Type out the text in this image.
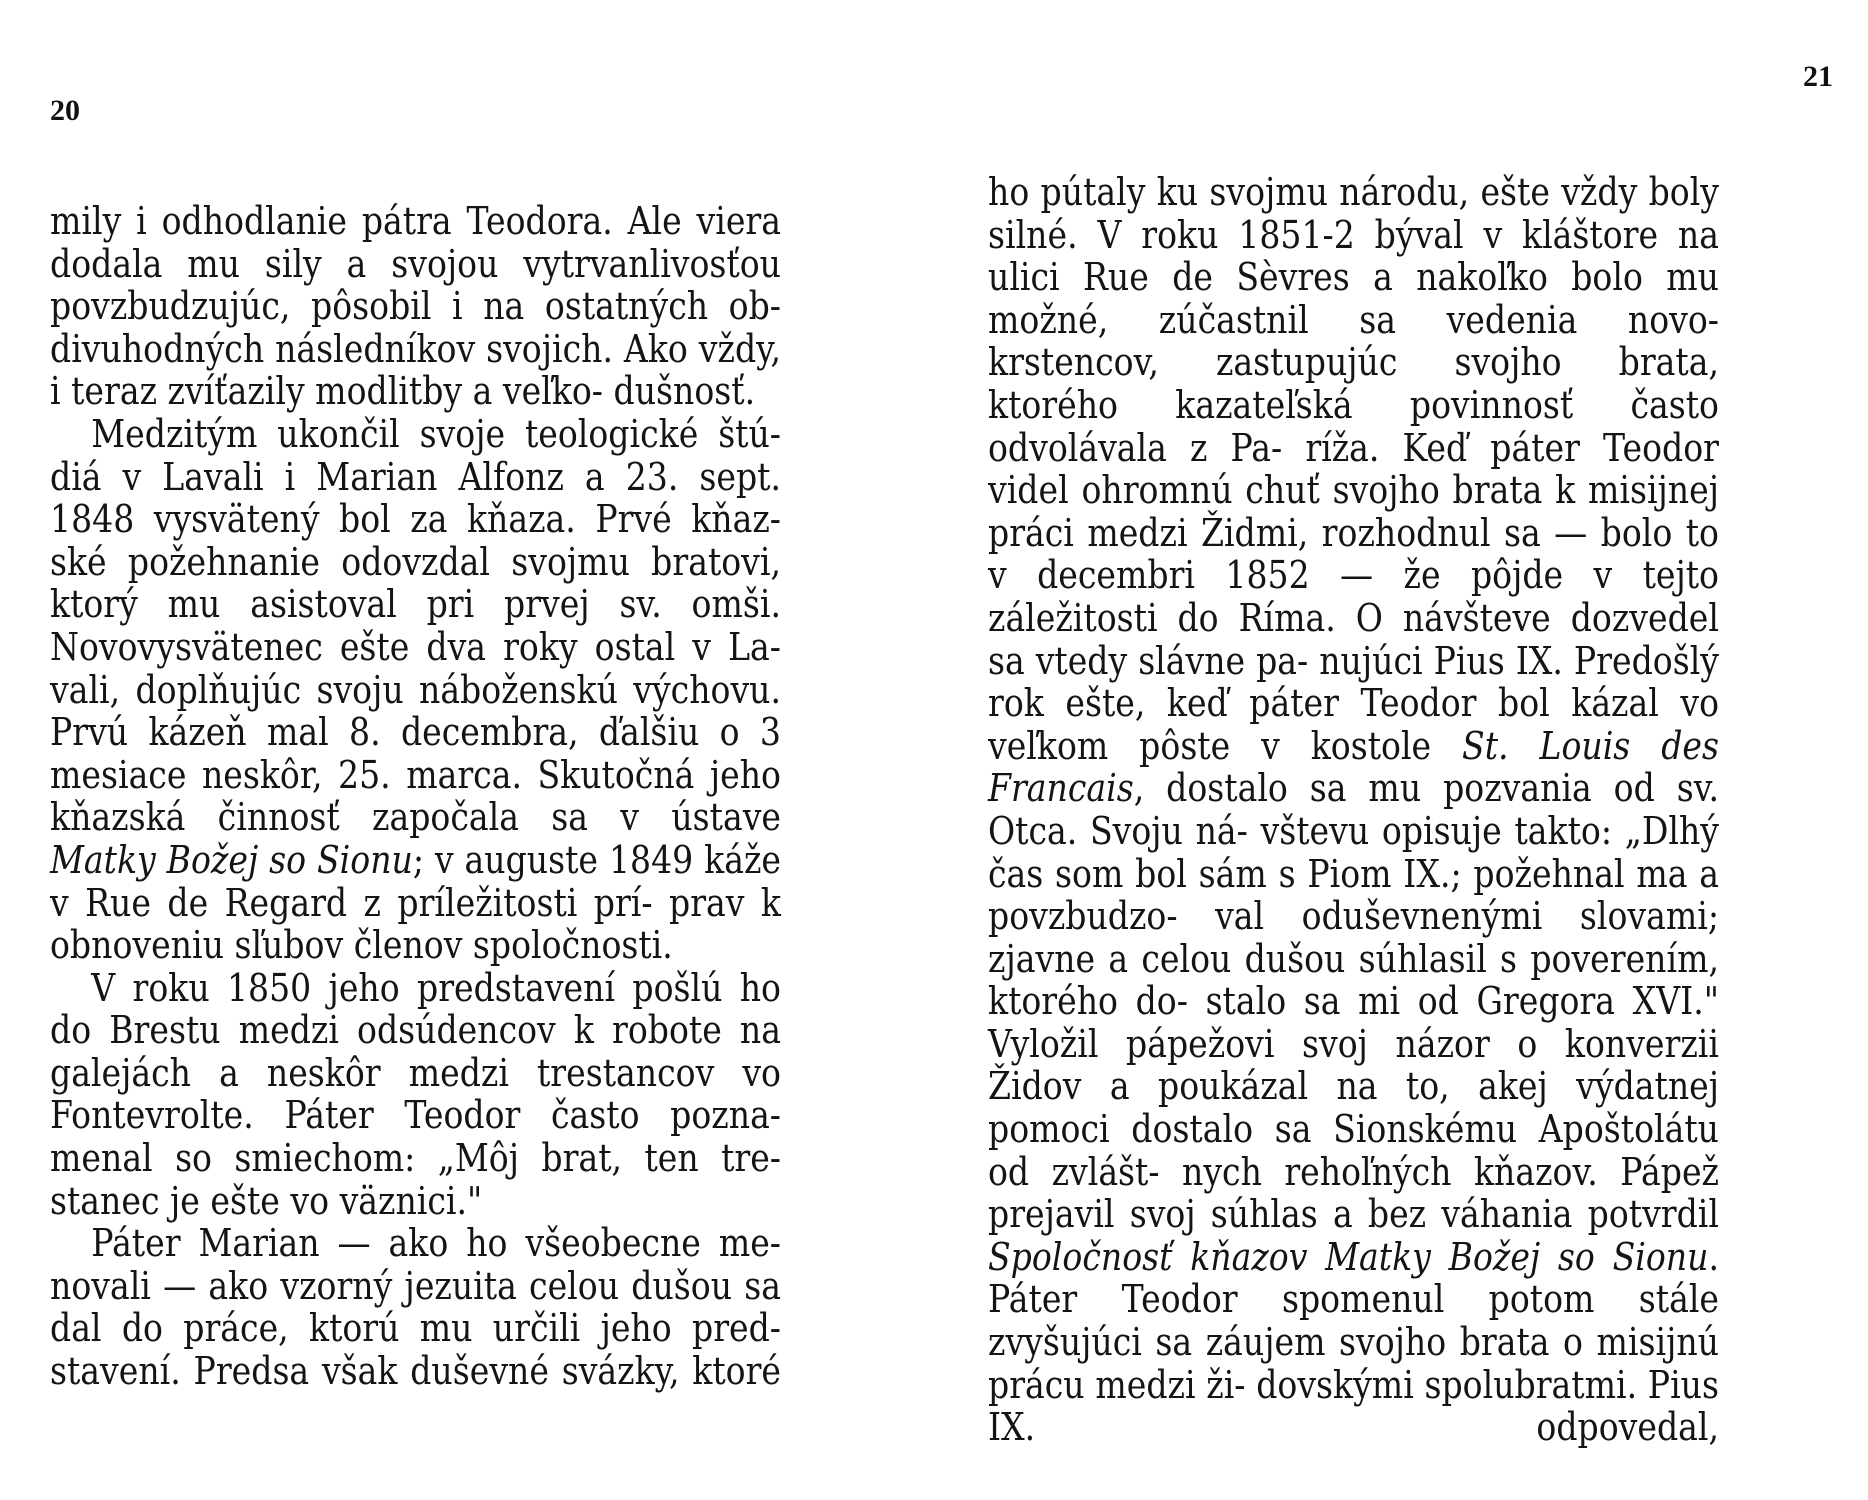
20

mily i odhodlanie pátra Teodora. Ale viera dodala mu sily a svojou vytrvanlivosťou povzbudzujúc, pôsobil i na ostatných ob- divuhodných následníkov svojich. Ako vždy, i teraz zvíťazily modlitby a veľko- dušnosť.

Medzitým ukončil svoje teologické štú- diá v Lavali i Marian Alfonz a 23. sept. 1848 vysvätený bol za kňaza. Prvé kňaz- ské požehnanie odovzdal svojmu bratovi, ktorý mu asistoval pri prvej sv. omši. Novovysvätenec ešte dva roky ostal v La- vali, doplňujúc svoju náboženskú výchovu. Prvú kázeň mal 8. decembra, ďalšiu o 3 mesiace neskôr, 25. marca. Skutočná jeho kňazská činnosť započala sa v ústave Matky Božej so Sionu; v auguste 1849 káže v Rue de Regard z príležitosti prí- prav k obnoveniu sľubov členov spoločnosti.

V roku 1850 jeho predstavení pošlú ho do Brestu medzi odsúdencov k robote na galejách a neskôr medzi trestancov vo Fontevrolte. Páter Teodor často pozna- menal so smiechom: „Môj brat, ten tre- stanec je ešte vo väznici."

Páter Marian — ako ho všeobecne me- novali — ako vzorný jezuita celou dušou sa dal do práce, ktorú mu určili jeho pred- stavení. Predsa však duševné svázky, ktoré

21

ho pútaly ku svojmu národu, ešte vždy boly silné. V roku 1851-2 býval v kláštore na ulici Rue de Sèvres a nakoľko bolo mu možné, zúčastnil sa vedenia novo- krstencov, zastupujúc svojho brata, ktorého kazateľská povinnosť často odvolávala z Pa- ríža. Keď páter Teodor videl ohromnú chuť svojho brata k misijnej práci medzi Židmi, rozhodnul sa — bolo to v decembri 1852 — že pôjde v tejto záležitosti do Ríma. O návšteve dozvedel sa vtedy slávne pa- nujúci Pius IX. Predošlý rok ešte, keď páter Teodor bol kázal vo veľkom pôste v kostole St. Louis des Francais, dostalo sa mu pozvania od sv. Otca. Svoju ná- vštevu opisuje takto: „Dlhý čas som bol sám s Piom IX.; požehnal ma a povzbudzo- val oduševnenými slovami; zjavne a celou dušou súhlasil s poverením, ktorého do- stalo sa mi od Gregora XVI." Vyložil pápežovi svoj názor o konverzii Židov a poukázal na to, akej výdatnej pomoci dostalo sa Sionskému Apoštolátu od zvlášt- nych rehoľných kňazov. Pápež prejavil svoj súhlas a bez váhania potvrdil Spoločnosť kňazov Matky Božej so Sionu. Páter Teodor spomenul potom stále zvyšujúci sa záujem svojho brata o misijnú prácu medzi ži- dovskými spolubratmi. Pius IX. odpovedal,
